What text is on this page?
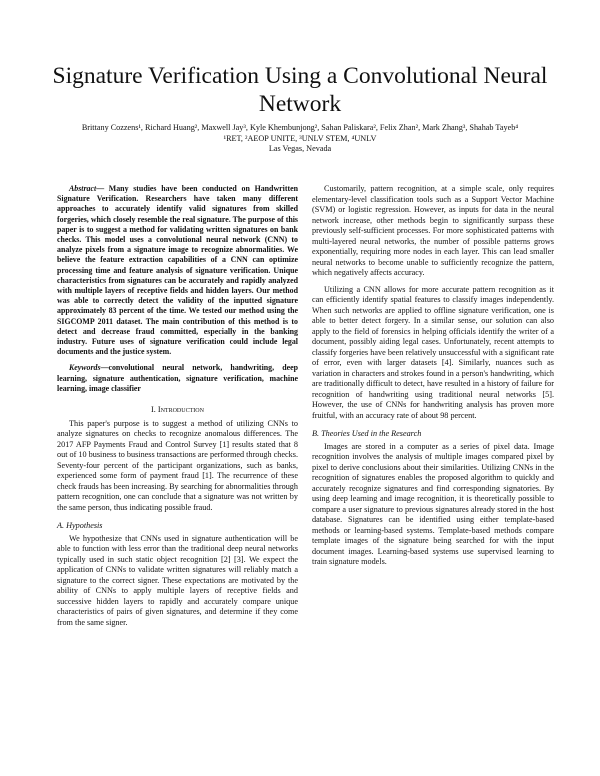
Signature Verification Using a Convolutional Neural Network
Brittany Cozzens¹, Richard Huang², Maxwell Jay³, Kyle Khembunjong², Sahan Paliskara², Felix Zhan², Mark Zhang³, Shahab Tayeb⁴
¹RET, ²AEOP UNITE, ³UNLV STEM, ⁴UNLV
Las Vegas, Nevada

Abstract— Many studies have been conducted on Handwritten Signature Verification. Researchers have taken many different approaches to accurately identify valid signatures from skilled forgeries, which closely resemble the real signature. The purpose of this paper is to suggest a method for validating written signatures on bank checks. This model uses a convolutional neural network (CNN) to analyze pixels from a signature image to recognize abnormalities. We believe the feature extraction capabilities of a CNN can optimize processing time and feature analysis of signature verification. Unique characteristics from signatures can be accurately and rapidly analyzed with multiple layers of receptive fields and hidden layers. Our method was able to correctly detect the validity of the inputted signature approximately 83 percent of the time. We tested our method using the SIGCOMP 2011 dataset. The main contribution of this method is to detect and decrease fraud committed, especially in the banking industry. Future uses of signature verification could include legal documents and the justice system.

Keywords—convolutional neural network, handwriting, deep learning, signature authentication, signature verification, machine learning, image classifier

I. Introduction

This paper's purpose is to suggest a method of utilizing CNNs to analyze signatures on checks to recognize anomalous differences. The 2017 AFP Payments Fraud and Control Survey [1] results stated that 8 out of 10 business to business transactions are performed through checks. Seventy-four percent of the participant organizations, such as banks, experienced some form of payment fraud [1]. The recurrence of these check frauds has been increasing. By searching for abnormalities through pattern recognition, one can conclude that a signature was not written by the same person, thus indicating possible fraud.

A. Hypothesis

We hypothesize that CNNs used in signature authentication will be able to function with less error than the traditional deep neural networks typically used in such static object recognition [2] [3]. We expect the application of CNNs to validate written signatures will reliably match a signature to the correct signer. These expectations are motivated by the ability of CNNs to apply multiple layers of receptive fields and successive hidden layers to rapidly and accurately compare unique characteristics of pairs of given signatures, and determine if they come from the same signer.

Customarily, pattern recognition, at a simple scale, only requires elementary-level classification tools such as a Support Vector Machine (SVM) or logistic regression. However, as inputs for data in the neural network increase, other methods begin to significantly surpass these previously self-sufficient processes. For more sophisticated patterns with multi-layered neural networks, the number of possible patterns grows exponentially, requiring more nodes in each layer. This can lead smaller neural networks to become unable to sufficiently recognize the pattern, which negatively affects accuracy.

Utilizing a CNN allows for more accurate pattern recognition as it can efficiently identify spatial features to classify images independently. When such networks are applied to offline signature verification, one is able to better detect forgery. In a similar sense, our solution can also apply to the field of forensics in helping officials identify the writer of a document, possibly aiding legal cases. Unfortunately, recent attempts to classify forgeries have been relatively unsuccessful with a significant rate of error, even with larger datasets [4]. Similarly, nuances such as variation in characters and strokes found in a person's handwriting, which are traditionally difficult to detect, have resulted in a history of failure for recognition of handwriting using traditional neural networks [5]. However, the use of CNNs for handwriting analysis has proven more fruitful, with an accuracy rate of about 98 percent.

B. Theories Used in the Research

Images are stored in a computer as a series of pixel data. Image recognition involves the analysis of multiple images compared pixel by pixel to derive conclusions about their similarities. Utilizing CNNs in the recognition of signatures enables the proposed algorithm to quickly and accurately recognize signatures and find corresponding signatories. By using deep learning and image recognition, it is theoretically possible to compare a user signature to previous signatures already stored in the host database. Signatures can be identified using either template-based methods or learning-based systems. Template-based methods compare template images of the signature being searched for with the input document images. Learning-based systems use supervised learning to train signature models.
